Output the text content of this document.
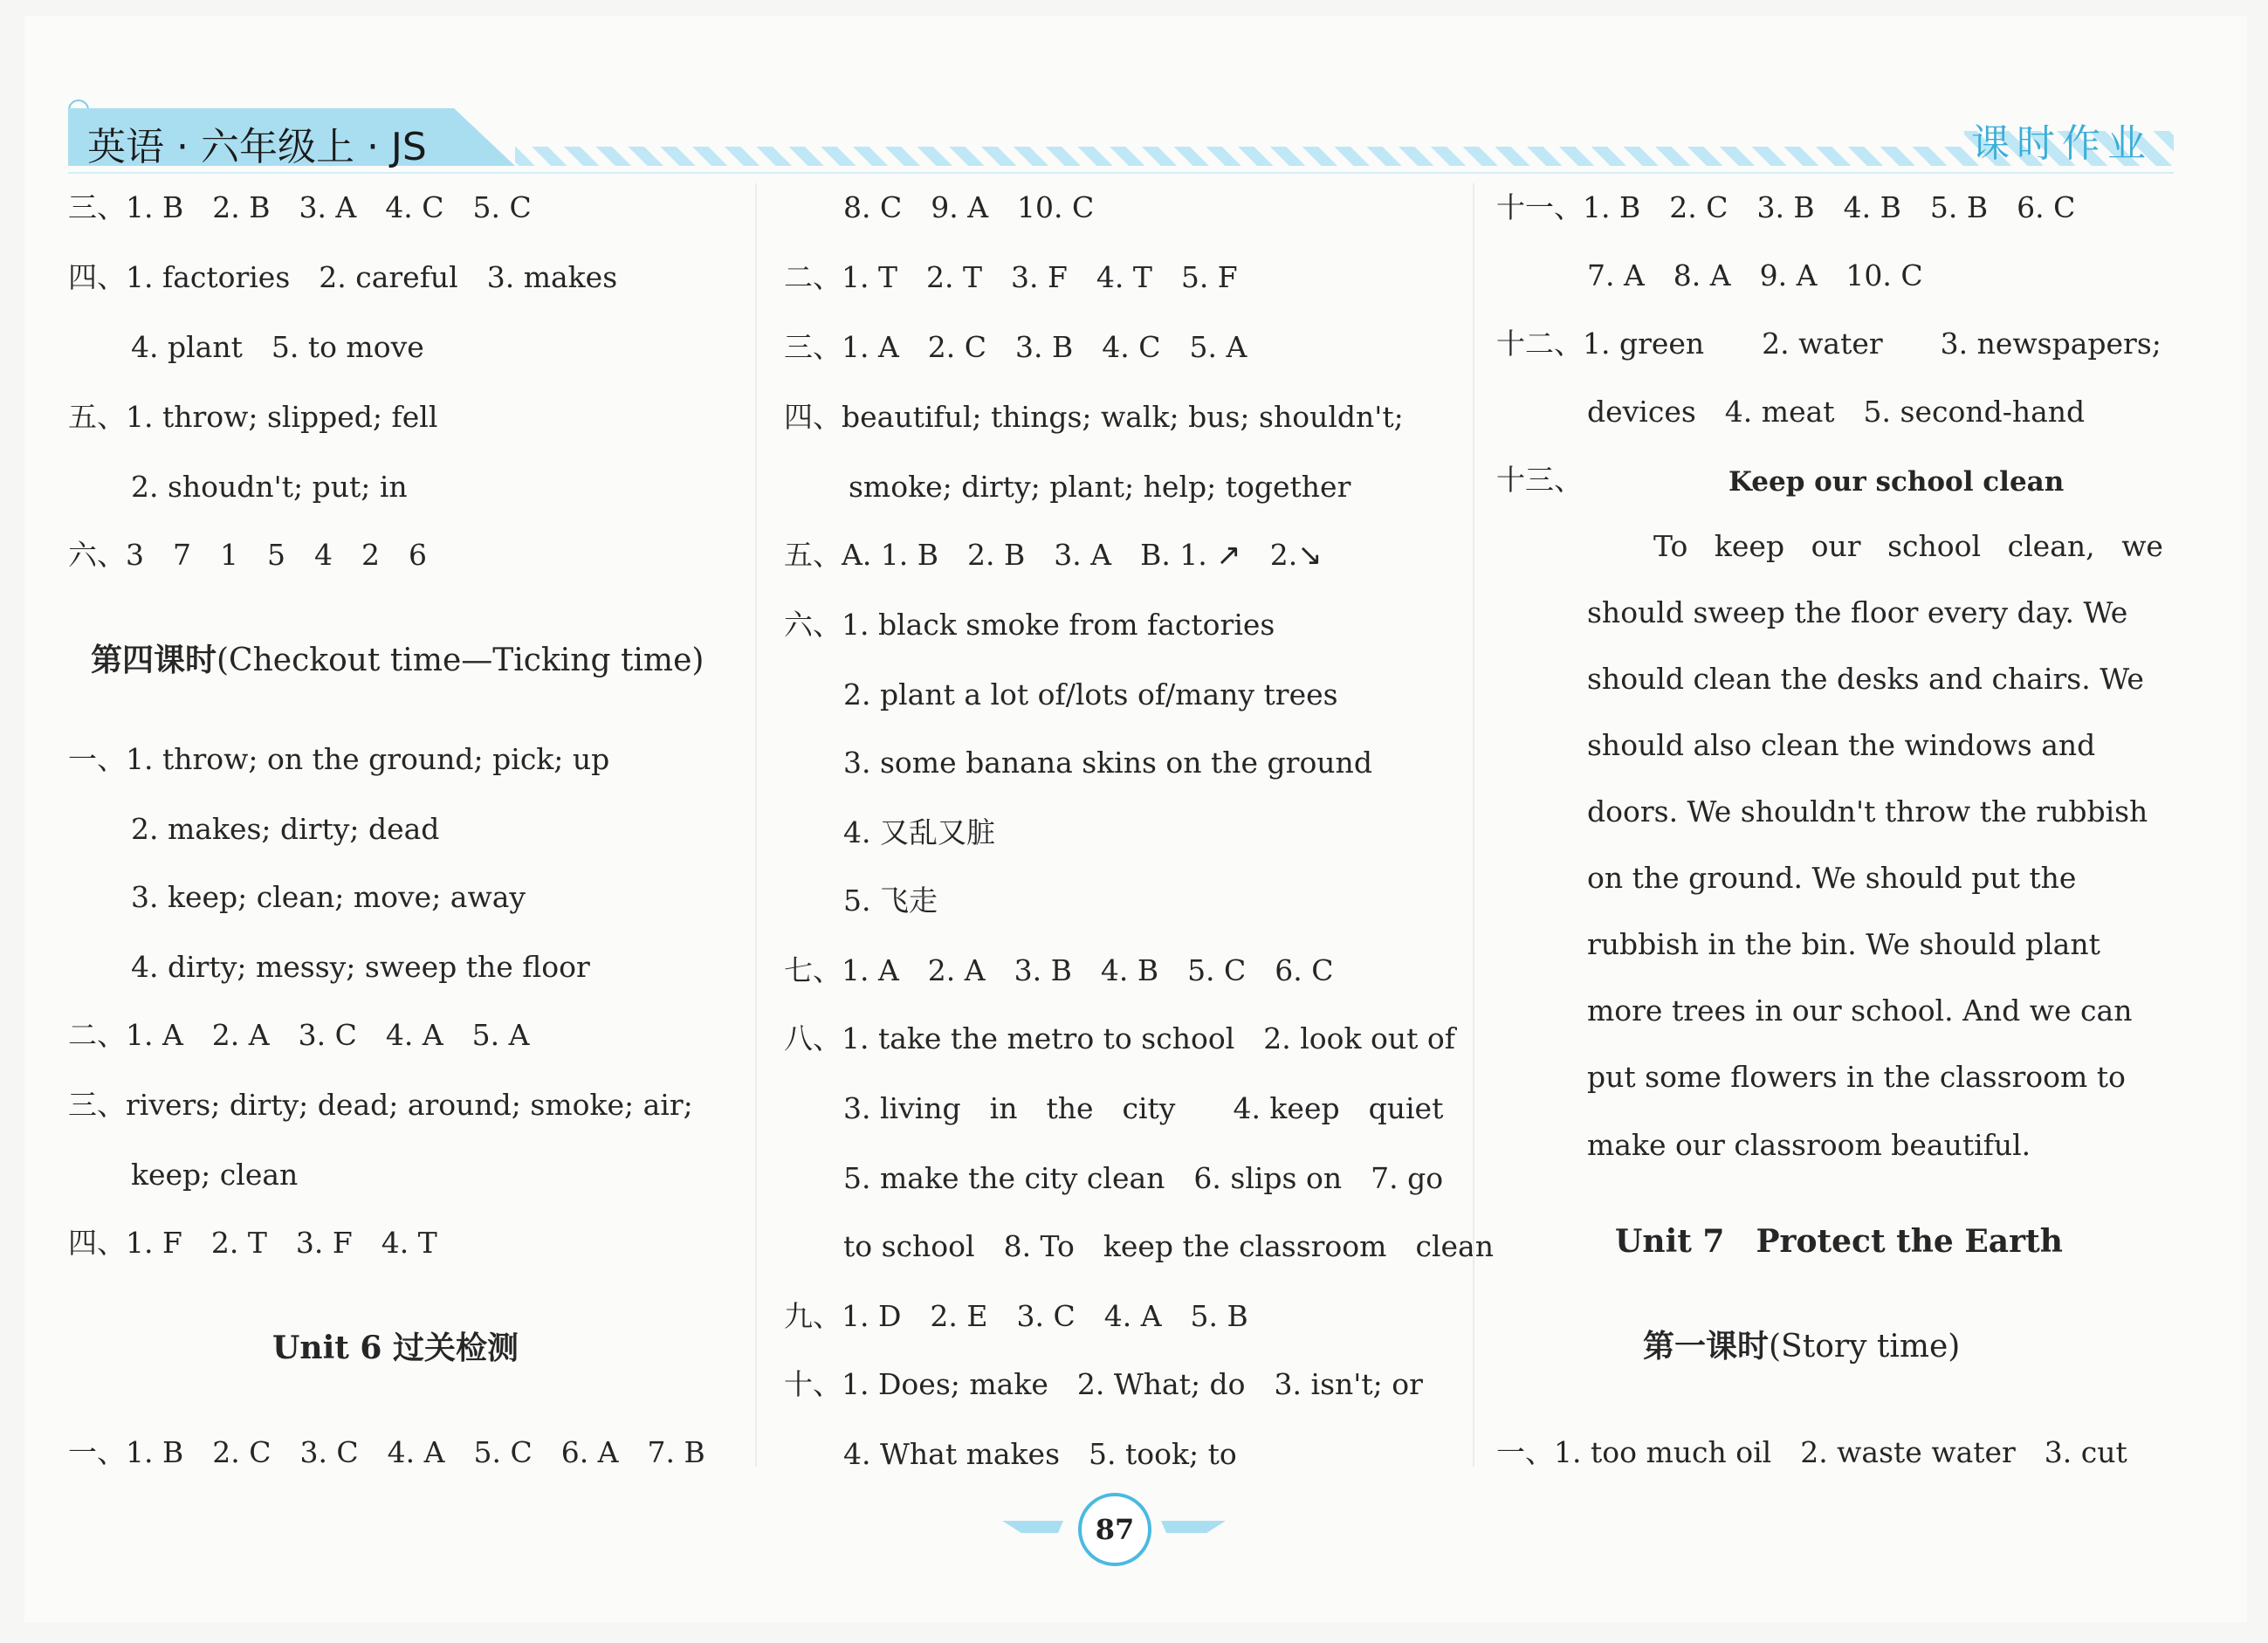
英语 · 六年级上 · JS	课时作业
三、1. B　2. B　3. A　4. C　5. C
四、1. factories　2. careful　3. makes
4. plant　5. to move
五、1. throw; slipped; fell
2. shoudn't; put; in
六、3　7　1　5　4　2　6
第四课时(Checkout time—Ticking time)
一、1. throw; on the ground; pick; up
2. makes; dirty; dead
3. keep; clean; move; away
4. dirty; messy; sweep the floor
二、1. A　2. A　3. C　4. A　5. A
三、rivers; dirty; dead; around; smoke; air;
keep; clean
四、1. F　2. T　3. F　4. T
Unit 6 过关检测
一、1. B　2. C　3. C　4. A　5. C　6. A　7. B
8. C　9. A　10. C
二、1. T　2. T　3. F　4. T　5. F
三、1. A　2. C　3. B　4. C　5. A
四、beautiful; things; walk; bus; shouldn't;
smoke; dirty; plant; help; together
五、A. 1. B　2. B　3. A　B. 1. ↗　 2.↘
六、1. black smoke from factories
2. plant a lot of/lots of/many trees
3. some banana skins on the ground
4. 又乱又脏
5. 飞走
七、1. A　2. A　3. B　4. B　5. C　6. C
八、1. take the metro to school　2. look out of
3. living　in　the　city　　4. keep　quiet
5. make the city clean　6. slips on　7. go
to school　8. To　keep the classroom　clean
九、1. D　2. E　3. C　4. A　5. B
十、1. Does; make　2. What; do　3. isn't; or
4. What makes　5. took; to
十一、1. B　2. C　3. B　4. B　5. B　6. C
7. A　8. A　9. A　10. C
十二、1. green　　2. water　　3. newspapers;
devices　4. meat　5. second-hand
十三、	Keep our school clean
To keep our school clean, we
should sweep the floor every day. We
should clean the desks and chairs. We
should also clean the windows and
doors. We shouldn't throw the rubbish
on the ground. We should put the
rubbish in the bin. We should plant
more trees in our school. And we can
put some flowers in the classroom to
make our classroom beautiful.
Unit 7　Protect the Earth
第一课时(Story time)
一、1. too much oil　2. waste water　3. cut
87
